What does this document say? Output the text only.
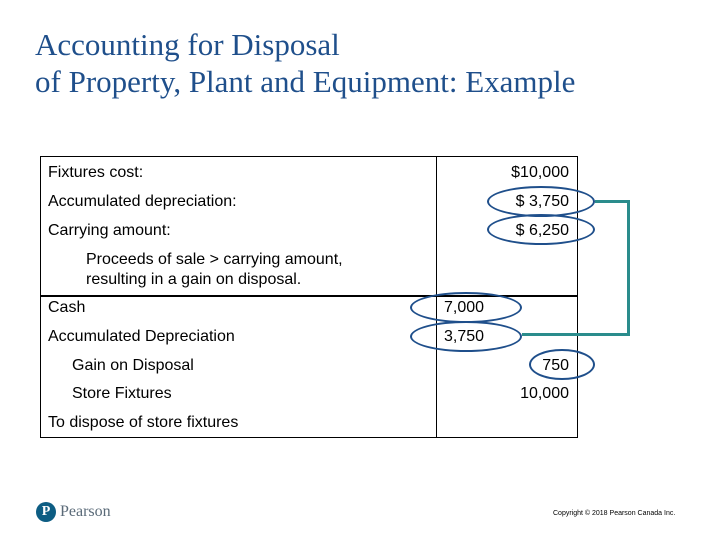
Accounting for Disposal
of Property, Plant and Equipment: Example
Fixtures cost:	$10,000
Accumulated depreciation:	$ 3,750
Carrying amount:	$ 6,250
Proceeds of sale > carrying amount,
resulting in a gain on disposal.
Cash	7,000
Accumulated Depreciation	3,750
Gain on Disposal	750
Store Fixtures	10,000
To dispose of store fixtures
P Pearson	Copyright © 2018 Pearson Canada Inc.
